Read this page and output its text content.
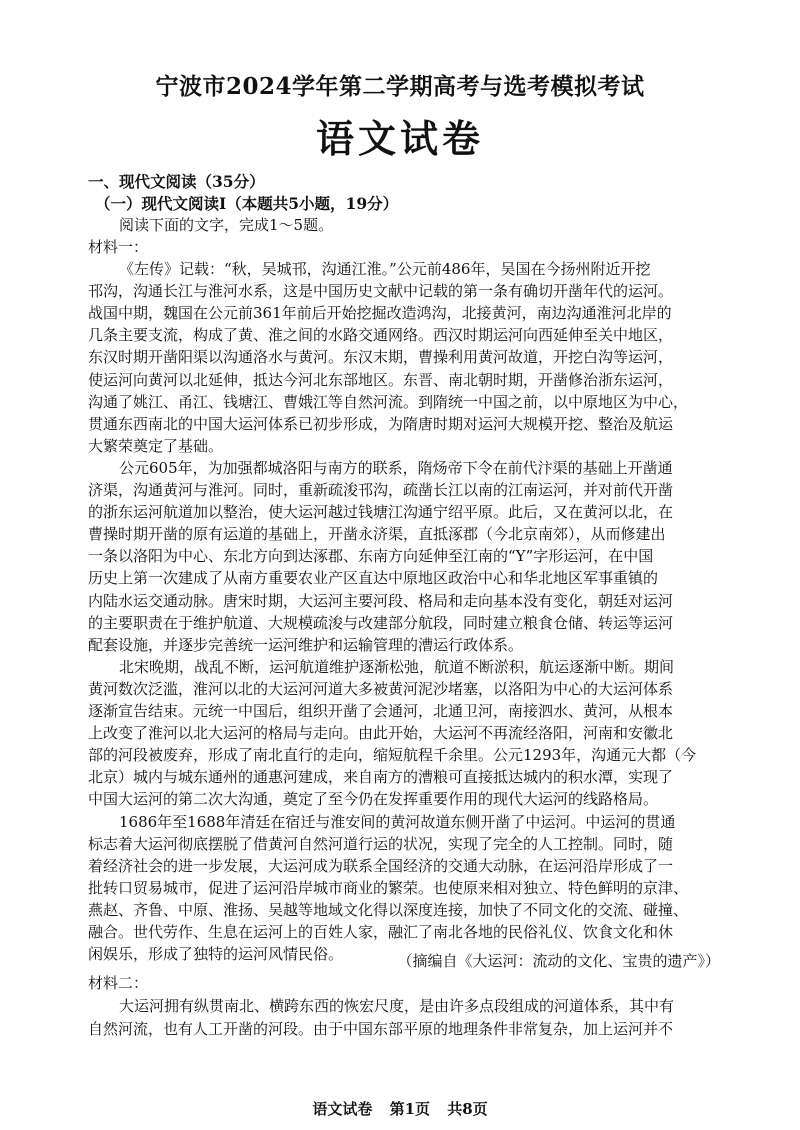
宁波市2024学年第二学期高考与选考模拟考试
语文试卷
一、现代文阅读（35分）
（一）现代文阅读Ⅰ（本题共5小题，19分）
阅读下面的文字，完成1～5题。
材料一：
《左传》记载：“秋，吴城邗，沟通江淮。”公元前486年，吴国在今扬州附近开挖
邗沟，沟通长江与淮河水系，这是中国历史文献中记载的第一条有确切开凿年代的运河。
战国中期，魏国在公元前361年前后开始挖掘改造鸿沟，北接黄河，南边沟通淮河北岸的
几条主要支流，构成了黄、淮之间的水路交通网络。西汉时期运河向西延伸至关中地区，
东汉时期开凿阳渠以沟通洛水与黄河。东汉末期，曹操利用黄河故道，开挖白沟等运河，
使运河向黄河以北延伸，抵达今河北东部地区。东晋、南北朝时期，开凿修治浙东运河，
沟通了姚江、甬江、钱塘江、曹娥江等自然河流。到隋统一中国之前，以中原地区为中心，
贯通东西南北的中国大运河体系已初步形成，为隋唐时期对运河大规模开挖、整治及航运
大繁荣奠定了基础。
公元605年，为加强都城洛阳与南方的联系，隋炀帝下令在前代汴渠的基础上开凿通
济渠，沟通黄河与淮河。同时，重新疏浚邗沟，疏凿长江以南的江南运河，并对前代开凿
的浙东运河航道加以整治，使大运河越过钱塘江沟通宁绍平原。此后，又在黄河以北，在
曹操时期开凿的原有运道的基础上，开凿永济渠，直抵涿郡（今北京南郊），从而修建出
一条以洛阳为中心、东北方向到达涿郡、东南方向延伸至江南的“Y”字形运河，在中国
历史上第一次建成了从南方重要农业产区直达中原地区政治中心和华北地区军事重镇的
内陆水运交通动脉。唐宋时期，大运河主要河段、格局和走向基本没有变化，朝廷对运河
的主要职责在于维护航道、大规模疏浚与改建部分航段，同时建立粮食仓储、转运等运河
配套设施，并逐步完善统一运河维护和运输管理的漕运行政体系。
北宋晚期，战乱不断，运河航道维护逐渐松弛，航道不断淤积，航运逐渐中断。期间
黄河数次泛滥，淮河以北的大运河河道大多被黄河泥沙堵塞，以洛阳为中心的大运河体系
逐渐宣告结束。元统一中国后，组织开凿了会通河，北通卫河，南接泗水、黄河，从根本
上改变了淮河以北大运河的格局与走向。由此开始，大运河不再流经洛阳，河南和安徽北
部的河段被废弃，形成了南北直行的走向，缩短航程千余里。公元1293年，沟通元大都（今
北京）城内与城东通州的通惠河建成，来自南方的漕粮可直接抵达城内的积水潭，实现了
中国大运河的第二次大沟通，奠定了至今仍在发挥重要作用的现代大运河的线路格局。
1686年至1688年清廷在宿迁与淮安间的黄河故道东侧开凿了中运河。中运河的贯通
标志着大运河彻底摆脱了借黄河自然河道行运的状况，实现了完全的人工控制。同时，随
着经济社会的进一步发展，大运河成为联系全国经济的交通大动脉，在运河沿岸形成了一
批转口贸易城市，促进了运河沿岸城市商业的繁荣。也使原来相对独立、特色鲜明的京津、
燕赵、齐鲁、中原、淮扬、吴越等地域文化得以深度连接，加快了不同文化的交流、碰撞、
融合。世代劳作、生息在运河上的百姓人家，融汇了南北各地的民俗礼仪、饮食文化和休
闲娱乐，形成了独特的运河风情民俗。	（摘编自《大运河：流动的文化、宝贵的遗产》）
材料二：
大运河拥有纵贯南北、横跨东西的恢宏尺度，是由许多点段组成的河道体系，其中有
自然河流，也有人工开凿的河段。由于中国东部平原的地理条件非常复杂，加上运河并不
语文试卷 第1页 共8页
